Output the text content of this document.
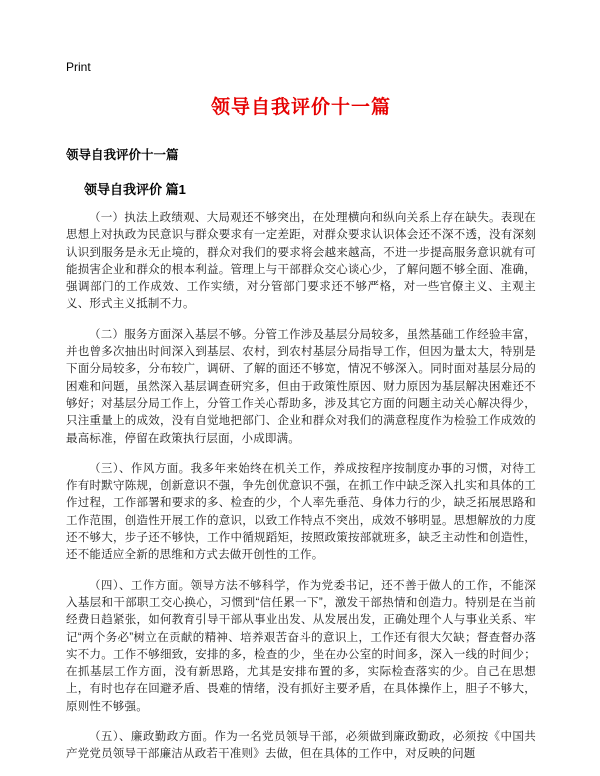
Print
领导自我评价十一篇
领导自我评价十一篇
领导自我评价 篇1

（一）执法上政绩观、大局观还不够突出，在处理横向和纵向关系上存在缺失。表现在思想上对执政为民意识与群众要求有一定差距，对群众要求认识体会还不深不透，没有深刻认识到服务是永无止境的，群众对我们的要求将会越来越高，不进一步提高服务意识就有可能损害企业和群众的根本利益。管理上与干部群众交心谈心少，了解问题不够全面、准确，强调部门的工作成效、工作实绩，对分管部门要求还不够严格，对一些官僚主义、主观主义、形式主义抵制不力。

（二）服务方面深入基层不够。分管工作涉及基层分局较多，虽然基础工作经验丰富，并也曾多次抽出时间深入到基层、农村，到农村基层分局指导工作，但因为量太大，特别是下面分局较多，分布较广，调研、了解的面还不够宽，情况不够深入。同时面对基层分局的困难和问题，虽然深入基层调查研究多，但由于政策性原因、财力原因为基层解决困难还不够好；对基层分局工作上，分管工作关心帮助多，涉及其它方面的问题主动关心解决得少，只注重量上的成效，没有自觉地把部门、企业和群众对我们的满意程度作为检验工作成效的最高标准，停留在政策执行层面，小成即满。

（三）、作风方面。我多年来始终在机关工作，养成按程序按制度办事的习惯，对待工作有时默守陈规，创新意识不强，争先创优意识不强，在抓工作中缺乏深入扎实和具体的工作过程，工作部署和要求的多、检查的少，个人率先垂范、身体力行的少，缺乏拓展思路和工作范围，创造性开展工作的意识，以致工作特点不突出，成效不够明显。思想解放的力度还不够大，步子还不够快，工作中循规蹈矩，按照政策按部就班多，缺乏主动性和创造性，还不能适应全新的思维和方式去做开创性的工作。

（四）、工作方面。领导方法不够科学，作为党委书记，还不善于做人的工作，不能深入基层和干部职工交心换心，习惯到“信任累一下”，激发干部热情和创造力。特别是在当前经费日趋紧张，如何教育引导干部从事业出发、从发展出发，正确处理个人与事业关系、牢记“两个务必”树立在贡献的精神、培养艰苦奋斗的意识上，工作还有很大欠缺；督查督办落实不力。工作不够细致，安排的多，检查的少，坐在办公室的时间多，深入一线的时间少；在抓基层工作方面，没有新思路，尤其是安排布置的多，实际检查落实的少。自己在思想上，有时也存在回避矛盾、畏难的情绪，没有抓好主要矛盾，在具体操作上，胆子不够大，原则性不够强。

（五）、廉政勤政方面。作为一名党员领导干部，必须做到廉政勤政，必须按《中国共产党党员领导干部廉洁从政若干准则》去做，但在具体的工作中，对反映的问题
